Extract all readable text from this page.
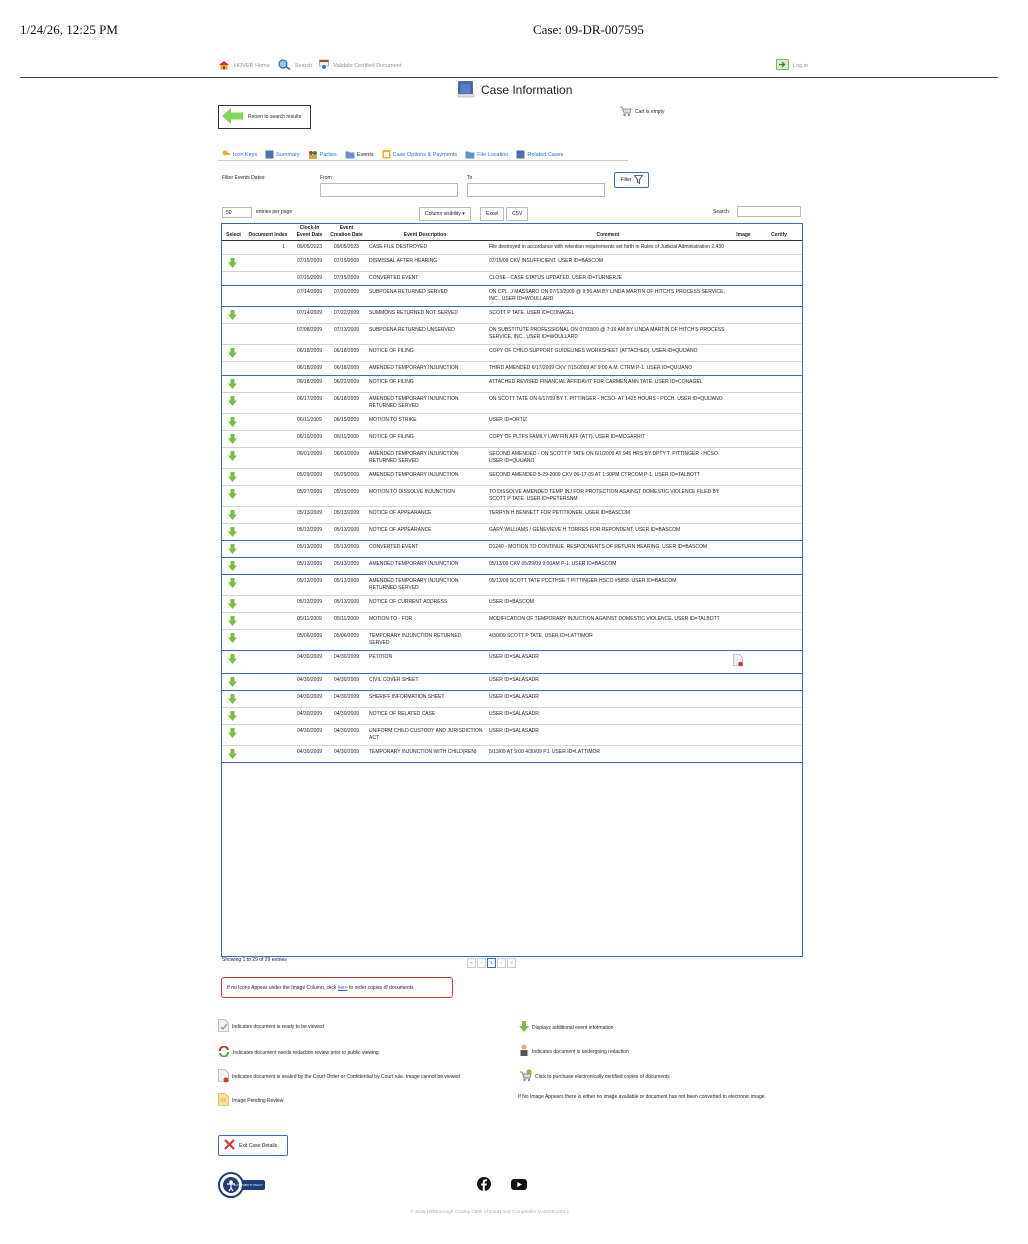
1/24/26, 12:25 PM	Case: 09-DR-007595
HOVER Home	Search	Validate Certified Document	Log in
Case Information
Return to search results
Cart is empty
Icon Keys	Summary	Parties	Events	Case Options & Payments	File Location	Related Cases
Filter Events Dates:	From	To	Filter
50
entries per page	Column visibility ▾	Excel	CSV	Search:
Select	Document Index	Clock-In Event Date	Event Creation Date	Event Description	Comment	Image	Certify
	1	09/05/2023	09/05/2023	CASE FILE DESTROYED	File destroyed in accordance with retention requirements set forth in Rules of Judicial Administration 2.430		

		07/15/2009	07/15/2009	DISMISSAL AFTER HEARING	07/15/09 CKV INSUFFICIENT. USER ID=BASCOM		
		07/15/2009	07/15/2009	CONVERTED EVENT	CLOSE - CASE STATUS UPDATED. USER ID=TURNERJE		
		07/14/2009	07/20/2009	SUBPOENA RETURNED SERVED	ON CPL. J MASSARO ON 07/13/2009 @ 9:56 AM BY LINDA MARTIN OF HITCH'S PROCESS SERVICE, INC.. USER ID=WOULLARD		

		07/14/2009	07/22/2009	SUMMONS RETURNED NOT SERVED	SCOTT P TATE. USER ID=CONAGEL		
		07/08/2009	07/13/2009	SUBPOENA RETURNED UNSERVED	ON SUBSTITUTE PROFESSIONAL ON 07/03/09 @ 7:16 AM BY LINDA MARTIN OF HITCH'S PROCESS SERVICE, INC.. USER ID=WOULLARD		

		06/18/2009	06/18/2009	NOTICE OF FILING	COPY OF CHILD SUPPORT GUIDELINES WORKSHEET (ATTACHED). USER ID=QUIJANO		
		06/18/2009	06/18/2009	AMENDED TEMPORARY INJUNCTION	THIRD AMENDED 6/17/2009 CKV 7/15/2009 AT 9:00 A.M. CTRM P-1. USER ID=QUIJANO		

		06/18/2009	06/22/2009	NOTICE OF FILING	ATTACHED REVISED FINANCIAL AFFIDAVIT FOR CARMEN ANN TATE. USER ID=CONAGEL		

		06/17/2009	06/18/2009	AMENDED TEMPORARY INJUNCTION RETURNED SERVED	ON SCOTT TATE ON 6/17/09 BY T. PITTINGER - HCSO- AT 1425 HOURS - PCCH. USER ID=QUIJANO		

		06/11/2009	06/15/2009	MOTION TO STRIKE	USER ID=ORTIZ		

		06/10/2009	06/11/2009	NOTICE OF FILING	COPY OF PLTFS FAMILY LAW FIN AFF (ATT). USER ID=MCGARRIT		

		06/01/2009	06/01/2009	AMENDED TEMPORARY INJUNCTION RETURNED SERVED	SECOND AMENDED - ON SCOTT P TATE ON 6/1/2009 AT 945 HRS BY DPTY T. PITTINGER - HCSO. USER ID=QUIJANO		

		05/29/2009	05/29/2009	AMENDED TEMPORARY INJUNCTION	SECOND AMENDED 5-29-2009 CKV 06-17-09 AT 1:30PM CTRCOM P-1. USER ID=TALBOTT		

		05/27/2009	05/29/2009	MOTION TO DISSOLVE INJUNCTION	TO DISSOLVE AMENDED TEMP INJ FOR PROTECTION AGAINST DOMESTIC VIOLENCE FILED BY SCOTT P TATE. USER ID=PETERSNM		

		05/13/2009	05/13/2009	NOTICE OF APPEARANCE	TERRYN H BENNETT FOR PETITIONER. USER ID=BASCOM		

		05/13/2009	05/13/2009	NOTICE OF APPEARANCE	GARY WILLIAMS / GENEVIEVE H TORRES FOR REPONDENT. USER ID=BASCOM		

		05/13/2009	05/13/2009	CONVERTED EVENT	D1240 - MOTION TO CONTINUE. RESPODNENTS OF RETURN HEARING. USER ID=BASCOM		

		05/13/2009	05/13/2009	AMENDED TEMPORARY INJUNCTION	05/13/09 CKV 05/29/09 9:00AM P-1. USER ID=BASCOM		

		05/13/2009	05/13/2009	AMENDED TEMPORARY INJUNCTION RETURNED SERVED	05/13/09 SCOTT TATE PCCTHSE T PITTINGER HSCO #5858. USER ID=BASCOM		

		05/13/2009	05/13/2009	NOTICE OF CURRENT ADDRESS	USER ID=BASCOM		

		05/11/2009	05/11/2009	MOTION TO - FOR	MODIFICATION OF TEMPORARY INJUCTION AGAINST DOMESTIC VIOLENCE. USER ID=TALBOTT		

		05/06/2009	05/06/2009	TEMPORARY INJUNCTION RETURNED SERVED	4/30/09 SCOTT P TATE. USER ID=LATTIMOR		

		04/30/2009	04/30/2009	PETITION	USER ID=SALASADR		

		04/30/2009	04/30/2009	CIVIL COVER SHEET	USER ID=SALASADR		

		04/30/2009	04/30/2009	SHERIFF INFORMATION SHEET	USER ID=SALASADR		

		04/30/2009	04/30/2009	NOTICE OF RELATED CASE	USER ID=SALASADR		

		04/30/2009	04/30/2009	UNIFORM CHILD CUSTODY AND JURISDICTION ACT	USER ID=SALASADR		

		04/30/2009	04/30/2009	TEMPORARY INJUNCTION WITH CHILD(REN)	5/13/09 AT 9:00 4/30/09 PJ. USER ID=LATTIMOR		
Showing 1 to 29 of 29 entries	«	‹	1	›	»
If no Icons Appear under the Image Column, click here to order copies of documents
Indicates document is ready to be viewed	Displays additional event information
Indicates document needs redaction review prior to public viewing	Indicates document is undergoing redaction
Indicates document is sealed by the Court Order or Confidential by Court rule. Image cannot be viewed	Click to purchase electronically certified copies of documents
Image Pending Review
If No Image Appears there is either no image available or document has not been converted to electronic image.
Exit Case Details
ACCESSIBILITY POLICY
© 2026 Hillsborough County Clerk of Court and Comptroller V=20251203.1
